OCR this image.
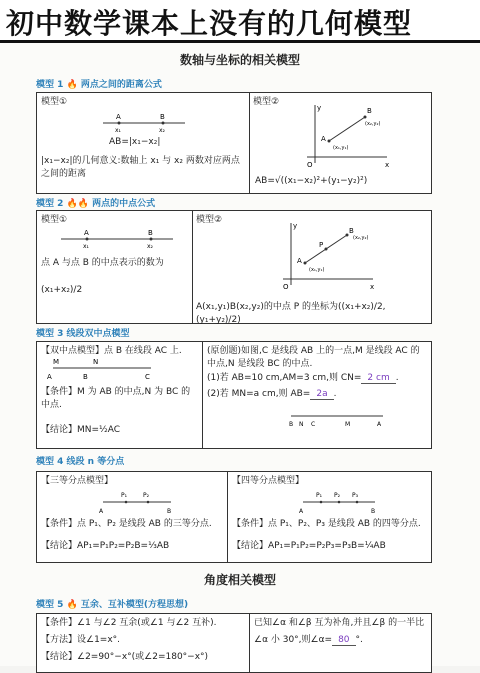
初中数学课本上没有的几何模型
数轴与坐标的相关模型
模型 1 🔥 两点之间的距离公式
模型①
A	B
x₁	x₂
AB=|x₁−x₂|
|x₁−x₂|的几何意义:数轴上 x₁ 与 x₂ 两数对应两点之间的距离
模型②
O	x
y
A
B
(x₁,y₁)
(x₂,y₂)
AB=√((x₁−x₂)²+(y₁−y₂)²)
模型 2 🔥🔥 两点的中点公式
模型①
A	B
x₁	x₂
点 A 与点 B 的中点表示的数为
(x₁+x₂)/2
模型②
O	x
y
A
P
B
(x₁,y₁)
(x₂,y₂)
A(x₁,y₁)B(x₂,y₂)的中点 P 的坐标为((x₁+x₂)/2, (y₁+y₂)/2)
模型 3 线段双中点模型
【双中点模型】点 B 在线段 AC 上.
M	N
A	B	C
【条件】M 为 AB 的中点,N 为 BC 的中点.
【结论】MN=½AC
(原创题)如图,C 是线段 AB 上的一点,M 是线段 AC 的中点,N 是线段 BC 的中点.
(1)若 AB=10 cm,AM=3 cm,则 CN= 2 cm .
(2)若 MN=a cm,则 AB= 2a .
B N C	M	A
模型 4 线段 n 等分点
【三等分点模型】
P₁	P₂
A	B
【条件】点 P₁、P₂ 是线段 AB 的三等分点.
【结论】AP₁=P₁P₂=P₂B=⅓AB
【四等分点模型】
P₁ P₂ P₃
A	B
【条件】点 P₁、P₂、P₃ 是线段 AB 的四等分点.
【结论】AP₁=P₁P₂=P₂P₃=P₃B=¼AB
角度相关模型
模型 5 🔥 互余、互补模型(方程思想)
【条件】∠1 与∠2 互余(或∠1 与∠2 互补).
【方法】设∠1=x°.
【结论】∠2=90°−x°(或∠2=180°−x°)
已知∠α 和∠β 互为补角,并且∠β 的一半比
∠α 小 30°,则∠α= 80 °.
